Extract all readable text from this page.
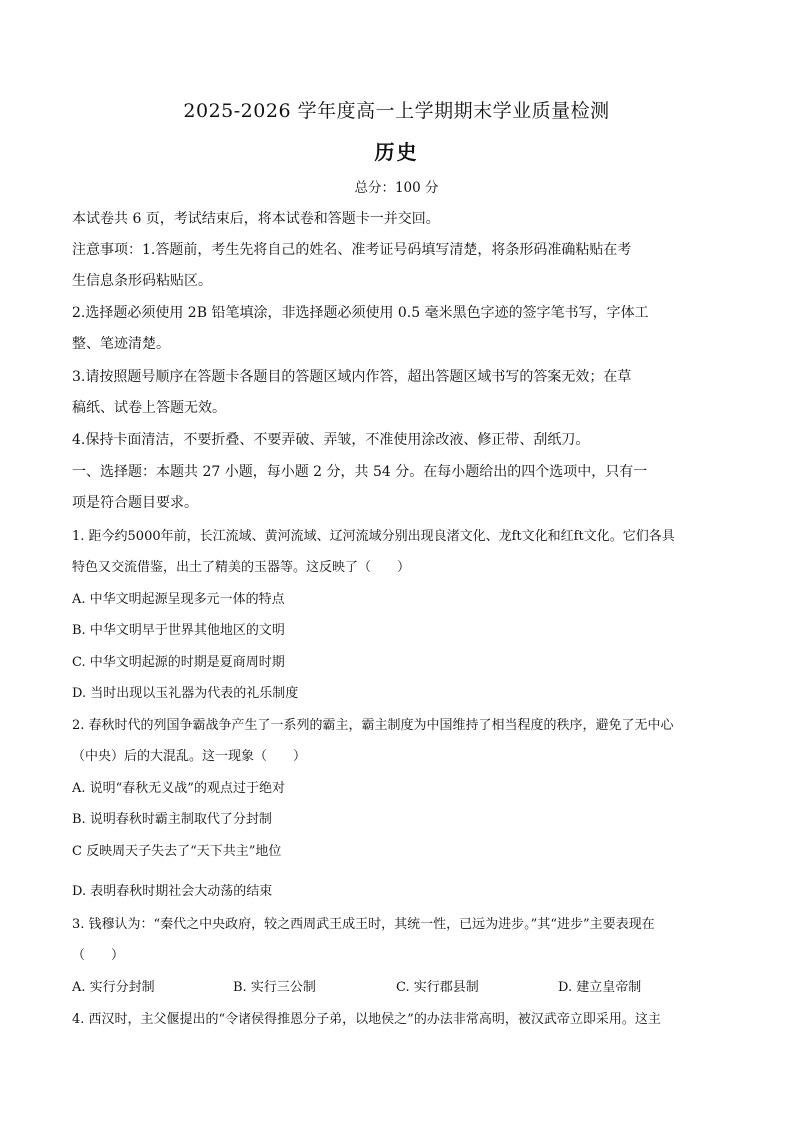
2025-2026 学年度高一上学期期末学业质量检测
历史
总分：100 分
本试卷共 6 页，考试结束后，将本试卷和答题卡一并交回。
注意事项：1.答题前，考生先将自己的姓名、准考证号码填写清楚，将条形码准确粘贴在考
生信息条形码粘贴区。
2.选择题必须使用 2B 铅笔填涂，非选择题必须使用 0.5 毫米黑色字迹的签字笔书写，字体工
整、笔迹清楚。
3.请按照题号顺序在答题卡各题目的答题区域内作答，超出答题区域书写的答案无效；在草
稿纸、试卷上答题无效。
4.保持卡面清洁，不要折叠、不要弄破、弄皱，不准使用涂改液、修正带、刮纸刀。
一、选择题：本题共 27 小题，每小题 2 分，共 54 分。在每小题给出的四个选项中，只有一
项是符合题目要求。
1. 距今约5000年前，长江流域、黄河流域、辽河流域分别出现良渚文化、龙ft文化和红ft文化。它们各具
特色又交流借鉴，出土了精美的玉器等。这反映了（　　）
A. 中华文明起源呈现多元一体的特点
B. 中华文明早于世界其他地区的文明
C. 中华文明起源的时期是夏商周时期
D. 当时出现以玉礼器为代表的礼乐制度
2. 春秋时代的列国争霸战争产生了一系列的霸主，霸主制度为中国维持了相当程度的秩序，避免了无中心
（中央）后的大混乱。这一现象（　　）
A. 说明“春秋无义战”的观点过于绝对
B. 说明春秋时霸主制取代了分封制
C 反映周天子失去了“天下共主”地位
D. 表明春秋时期社会大动荡的结束
3. 钱穆认为：“秦代之中央政府，较之西周武王成王时，其统一性，已远为进步。”其“进步”主要表现在
（　　）
A. 实行分封制	B. 实行三公制	C. 实行郡县制	D. 建立皇帝制
4. 西汉时，主父偃提出的“令诸侯得推恩分子弟，以地侯之”的办法非常高明，被汉武帝立即采用。这主
